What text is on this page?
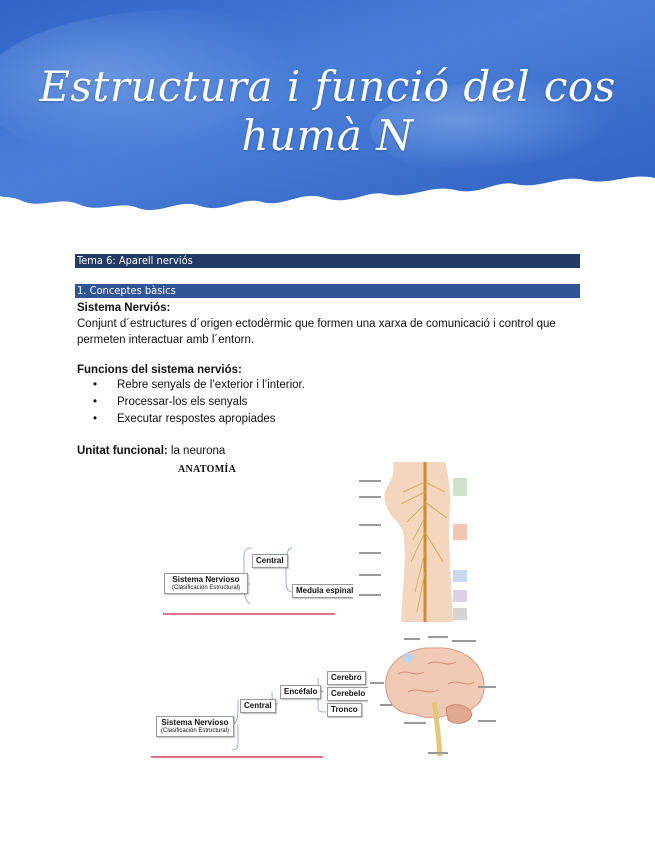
Estructura i funció del cos humà N
Tema 6: Aparell nerviós
1. Conceptes bàsics
Sistema Nerviós:
Conjunt d´estructures d´origen ectodèrmic que formen una xarxa de comunicació i control que permeten interactuar amb l´entorn.
Funcions del sistema nerviós:
• Rebre senyals de l’exterior i l’interior.
• Processar-los els senyals
• Executar respostes apropiades
Unitat funcional: la neurona
ANATOMÍA
Sistema Nervioso
(Clasificación Estructural)
Central
Medula espinal
Sistema Nervioso
(Clasificación Estructural)
Central
Encéfalo
Cerebro
Cerebelo
Tronco
